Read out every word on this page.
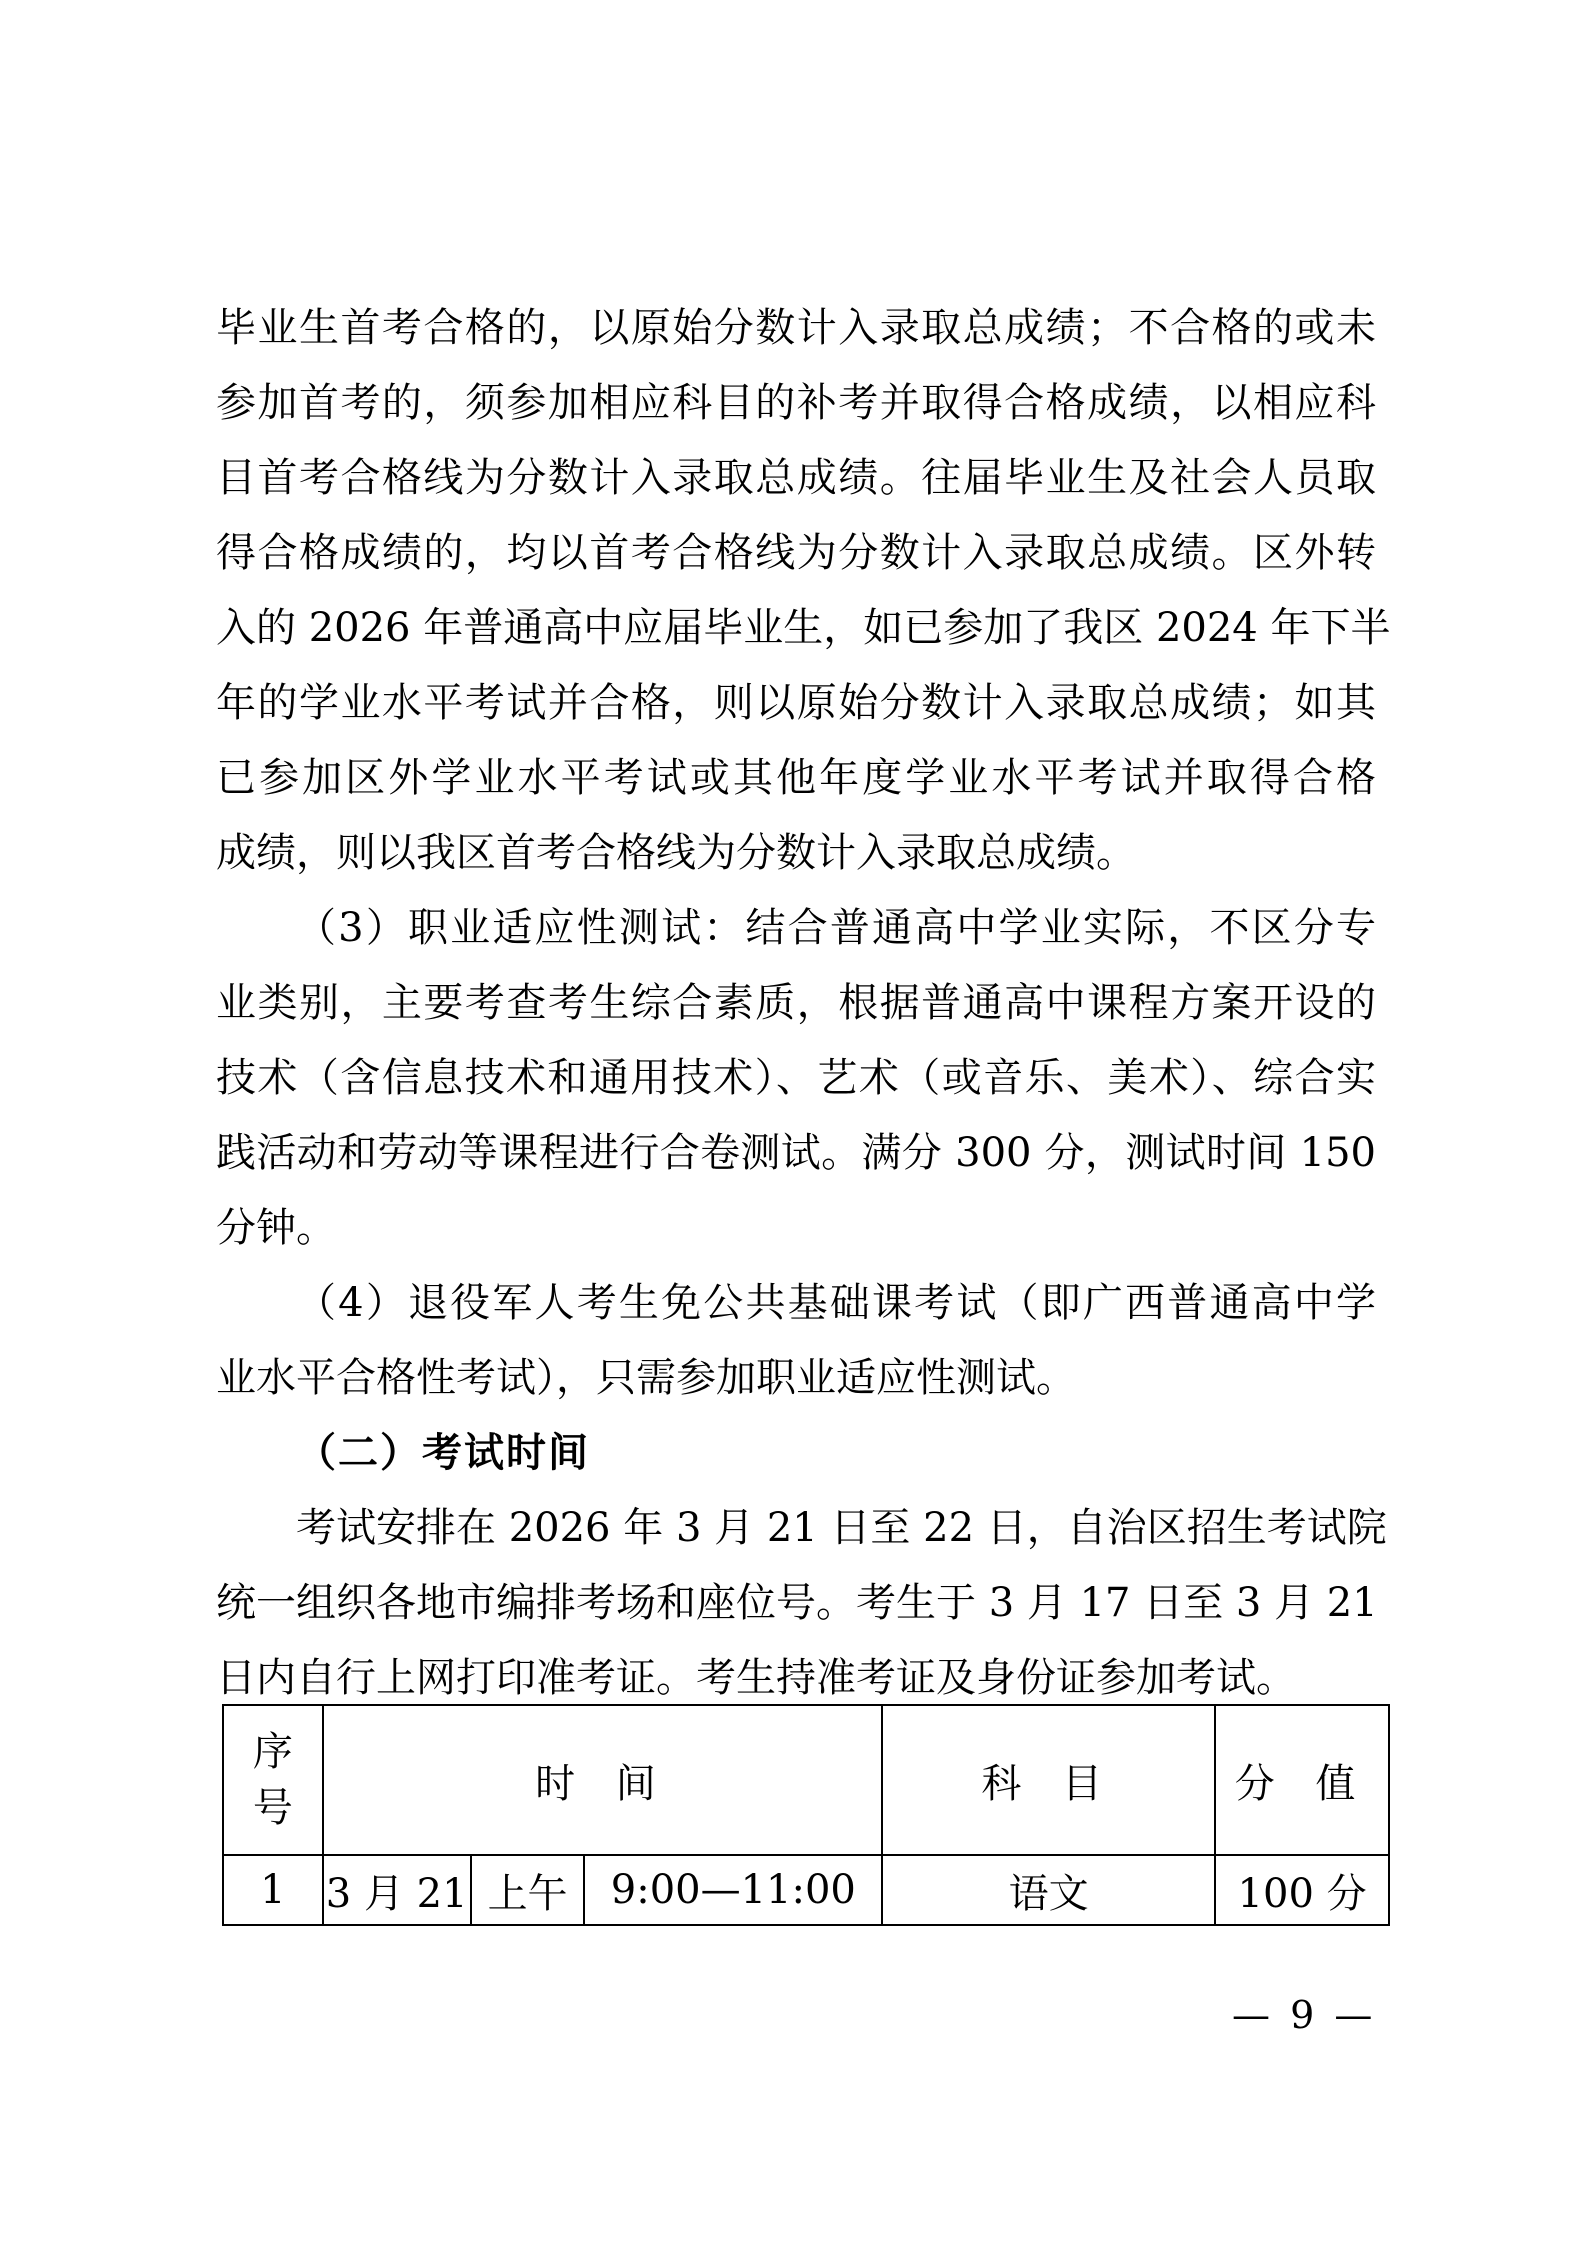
毕业生首考合格的，以原始分数计入录取总成绩；不合格的或未
参加首考的，须参加相应科目的补考并取得合格成绩，以相应科
目首考合格线为分数计入录取总成绩。往届毕业生及社会人员取
得合格成绩的，均以首考合格线为分数计入录取总成绩。区外转
入的 2026 年普通高中应届毕业生，如已参加了我区 2024 年下半
年的学业水平考试并合格，则以原始分数计入录取总成绩；如其
已参加区外学业水平考试或其他年度学业水平考试并取得合格
成绩，则以我区首考合格线为分数计入录取总成绩。
（3）职业适应性测试：结合普通高中学业实际，不区分专
业类别，主要考查考生综合素质，根据普通高中课程方案开设的
技术（含信息技术和通用技术）、艺术（或音乐、美术）、综合实
践活动和劳动等课程进行合卷测试。满分 300 分，测试时间 150
分钟。
（4）退役军人考生免公共基础课考试（即广西普通高中学
业水平合格性考试），只需参加职业适应性测试。
（二）考试时间
考试安排在 2026 年 3 月 21 日至 22 日，自治区招生考试院
统一组织各地市编排考场和座位号。考生于 3 月 17 日至 3 月 21
日内自行上网打印准考证。考生持准考证及身份证参加考试。
序
号	时 间			科 目	分 值
1	3 月 21	上午	9:00—11:00	语文	100 分
— 9 —
